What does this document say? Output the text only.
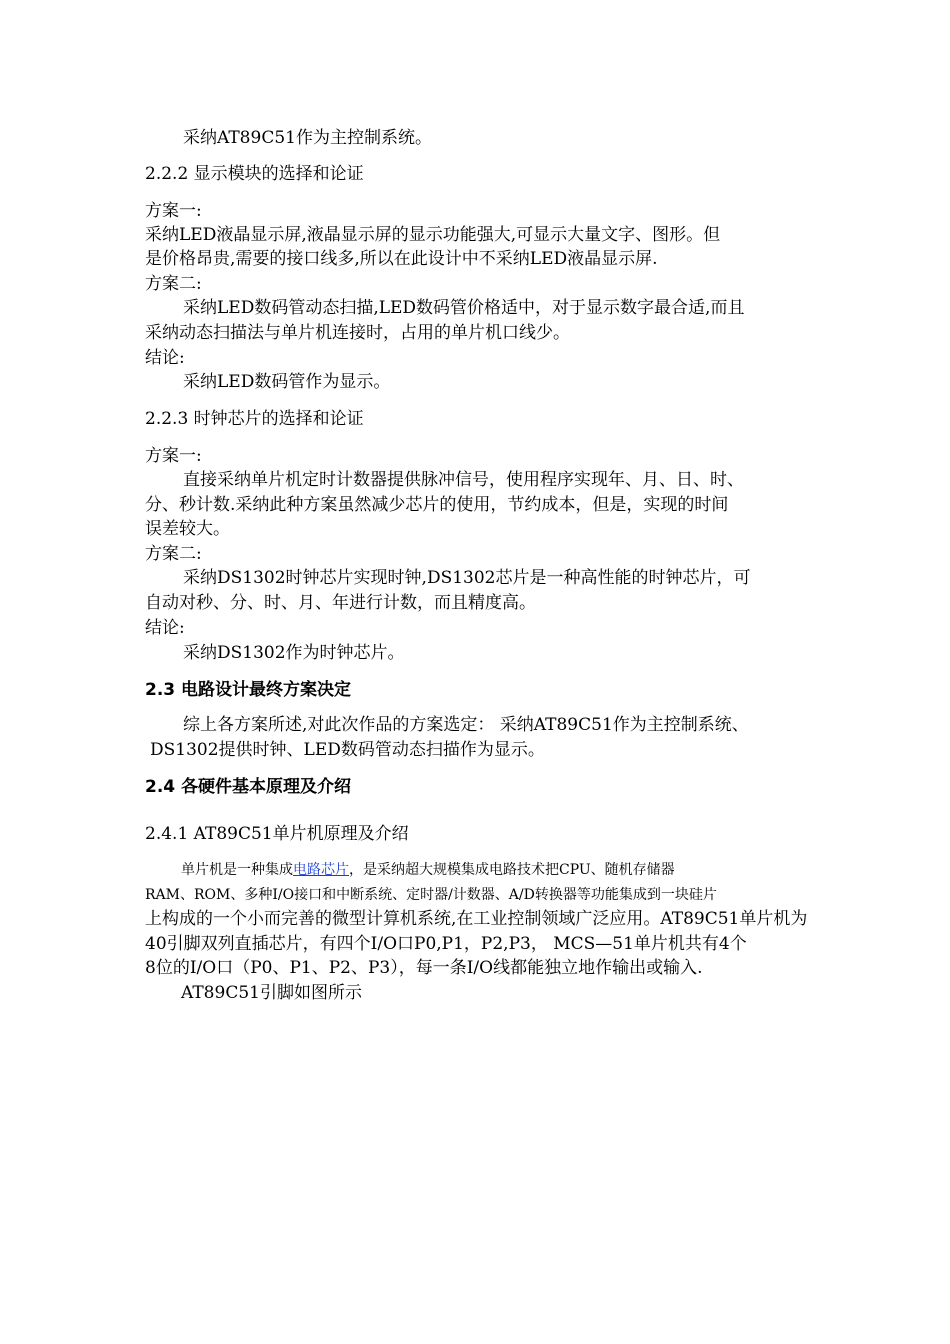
采纳AT89C51作为主控制系统。

2.2.2 显示模块的选择和论证

方案一:

采纳LED液晶显示屏,液晶显示屏的显示功能强大,可显示大量文字、图形。但

是价格昂贵,需要的接口线多,所以在此设计中不采纳LED液晶显示屏.

方案二:

采纳LED数码管动态扫描,LED数码管价格适中，对于显示数字最合适,而且

采纳动态扫描法与单片机连接时，占用的单片机口线少。

结论:

采纳LED数码管作为显示。

2.2.3 时钟芯片的选择和论证

方案一:

直接采纳单片机定时计数器提供脉冲信号，使用程序实现年、月、日、时、

分、秒计数.采纳此种方案虽然减少芯片的使用，节约成本，但是，实现的时间

误差较大。

方案二:

采纳DS1302时钟芯片实现时钟,DS1302芯片是一种高性能的时钟芯片，可

自动对秒、分、时、月、年进行计数，而且精度高。

结论:

采纳DS1302作为时钟芯片。

2.3 电路设计最终方案决定

综上各方案所述,对此次作品的方案选定： 采纳AT89C51作为主控制系统、

DS1302提供时钟、LED数码管动态扫描作为显示。

2.4 各硬件基本原理及介绍

2.4.1 AT89C51单片机原理及介绍

单片机是一种集成电路芯片，是采纳超大规模集成电路技术把CPU、随机存储器

RAM、ROM、多种I/O接口和中断系统、定时器/计数器、A/D转换器等功能集成到一块硅片

上构成的一个小而完善的微型计算机系统,在工业控制领域广泛应用。AT89C51单片机为

40引脚双列直插芯片，有四个I/O口P0,P1，P2,P3， MCS—51单片机共有4个

8位的I/O口（P0、P1、P2、P3），每一条I/O线都能独立地作输出或输入.

AT89C51引脚如图所示
